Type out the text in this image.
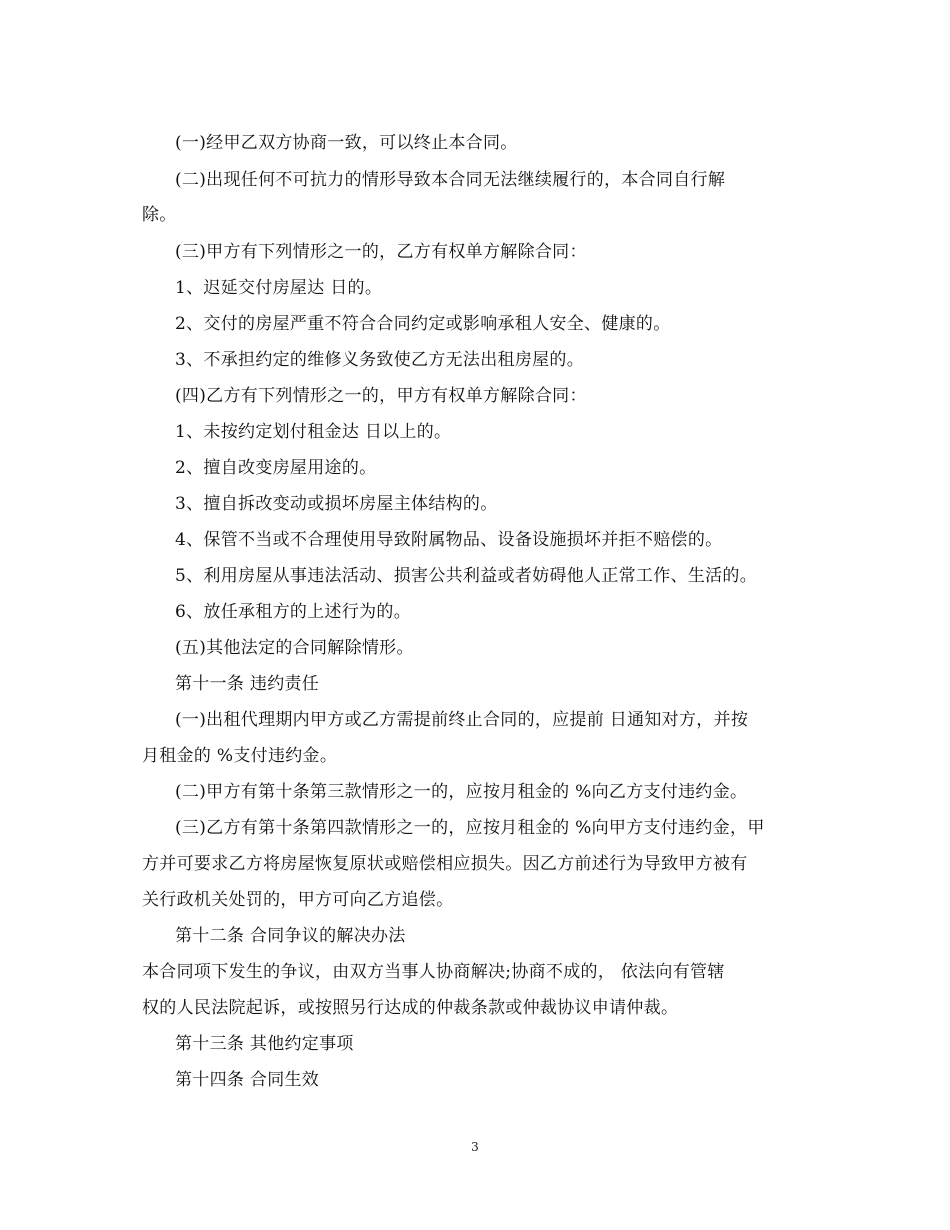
(一)经甲乙双方协商一致，可以终止本合同。
(二)出现任何不可抗力的情形导致本合同无法继续履行的，本合同自行解
除。
(三)甲方有下列情形之一的，乙方有权单方解除合同：
1、迟延交付房屋达 日的。
2、交付的房屋严重不符合合同约定或影响承租人安全、健康的。
3、不承担约定的维修义务致使乙方无法出租房屋的。
(四)乙方有下列情形之一的，甲方有权单方解除合同：
1、未按约定划付租金达 日以上的。
2、擅自改变房屋用途的。
3、擅自拆改变动或损坏房屋主体结构的。
4、保管不当或不合理使用导致附属物品、设备设施损坏并拒不赔偿的。
5、利用房屋从事违法活动、损害公共利益或者妨碍他人正常工作、生活的。
6、放任承租方的上述行为的。
(五)其他法定的合同解除情形。
第十一条 违约责任
(一)出租代理期内甲方或乙方需提前终止合同的，应提前 日通知对方，并按
月租金的 %支付违约金。
(二)甲方有第十条第三款情形之一的，应按月租金的 %向乙方支付违约金。
(三)乙方有第十条第四款情形之一的，应按月租金的 %向甲方支付违约金，甲
方并可要求乙方将房屋恢复原状或赔偿相应损失。因乙方前述行为导致甲方被有
关行政机关处罚的，甲方可向乙方追偿。
第十二条 合同争议的解决办法
本合同项下发生的争议，由双方当事人协商解决;协商不成的， 依法向有管辖
权的人民法院起诉，或按照另行达成的仲裁条款或仲裁协议申请仲裁。
第十三条 其他约定事项
第十四条 合同生效
3
